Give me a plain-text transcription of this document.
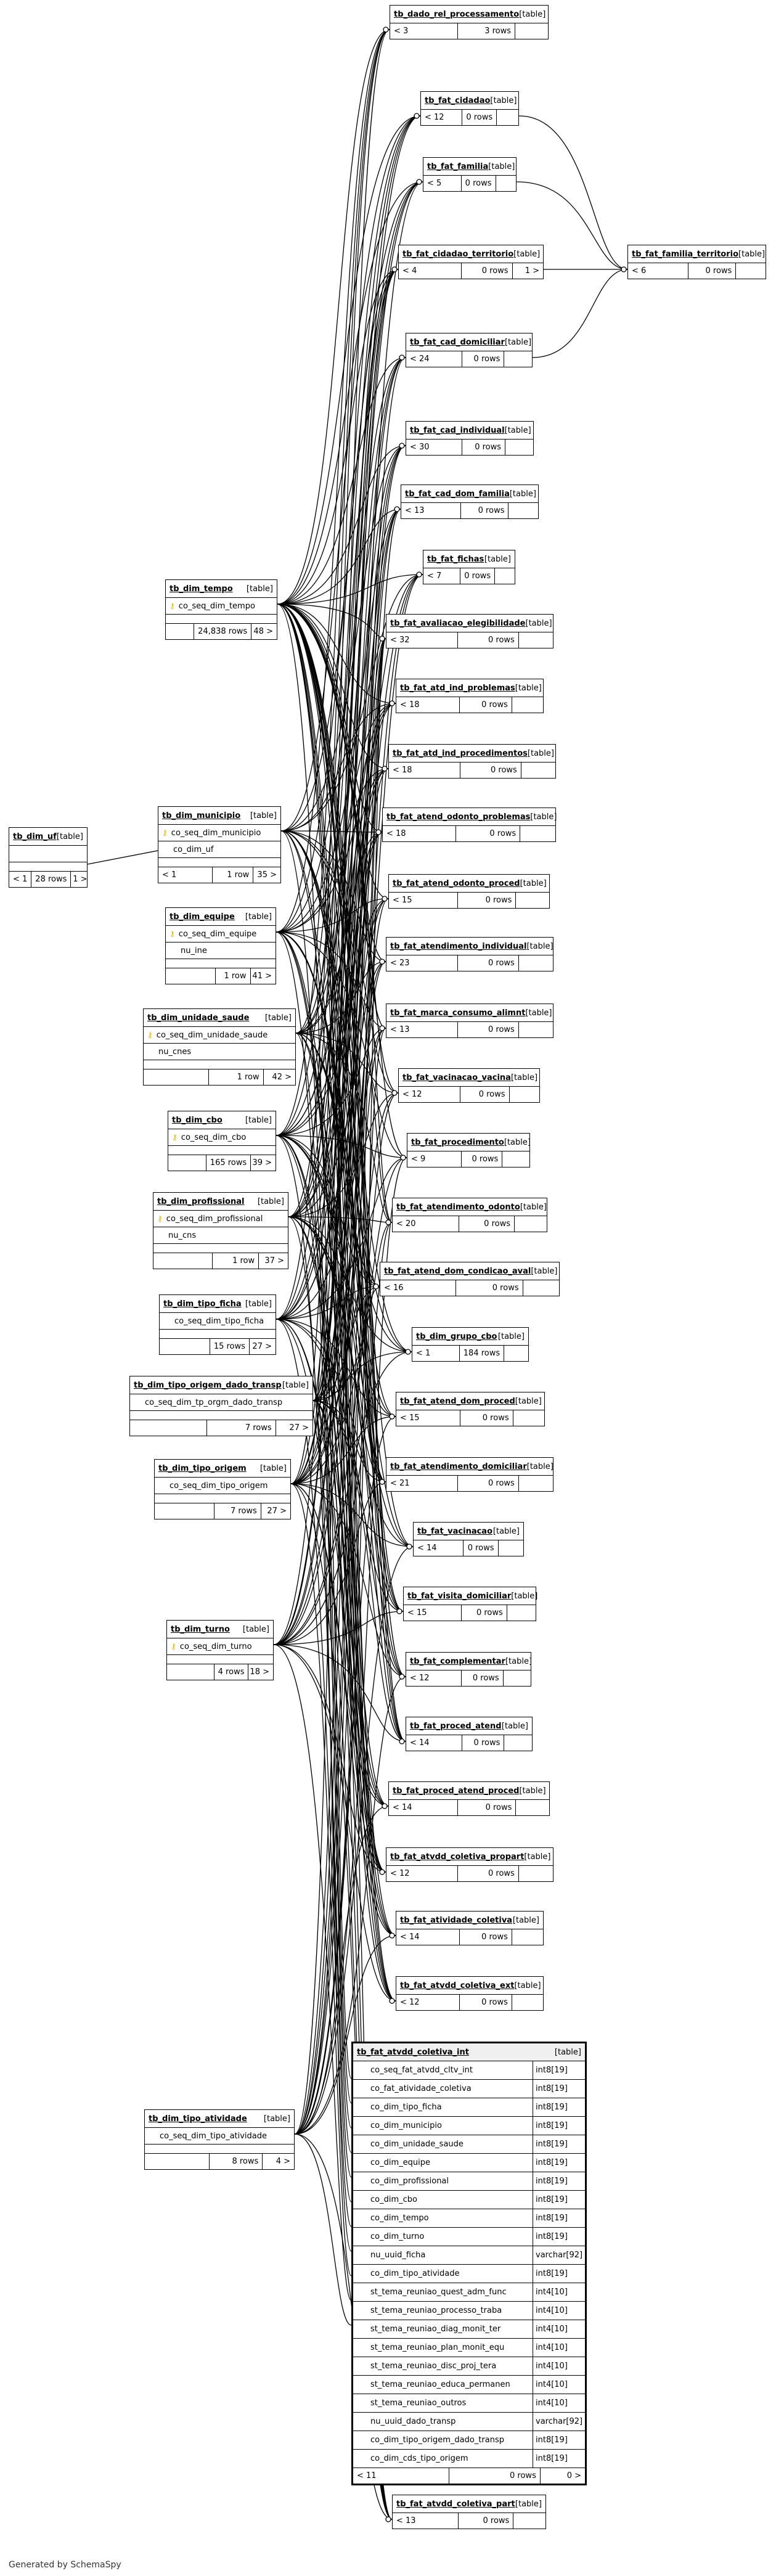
tb_dado_rel_processamento [table]
< 3	3 rows
tb_fat_cidadao [table]
< 12	0 rows
tb_fat_familia [table]
< 5	0 rows
tb_fat_cidadao_territorio [table]
< 4	0 rows	1 >
tb_fat_familia_territorio [table]
< 6	0 rows
tb_fat_cad_domiciliar [table]
< 24	0 rows
tb_fat_cad_individual [table]
< 30	0 rows
tb_fat_cad_dom_familia [table]
< 13	0 rows
tb_fat_fichas [table]
< 7	0 rows
tb_fat_avaliacao_elegibilidade [table]
< 32	0 rows
tb_fat_atd_ind_problemas [table]
< 18	0 rows
tb_fat_atd_ind_procedimentos [table]
< 18	0 rows
tb_fat_atend_odonto_problemas [table]
< 18	0 rows
tb_fat_atend_odonto_proced [table]
< 15	0 rows
tb_fat_atendimento_individual [table]
< 23	0 rows
tb_fat_marca_consumo_alimnt [table]
< 13	0 rows
tb_fat_vacinacao_vacina [table]
< 12	0 rows
tb_fat_procedimento [table]
< 9	0 rows
tb_fat_atendimento_odonto [table]
< 20	0 rows
tb_fat_atend_dom_condicao_aval [table]
< 16	0 rows
tb_dim_grupo_cbo [table]
< 1	184 rows
tb_fat_atend_dom_proced [table]
< 15	0 rows
tb_fat_atendimento_domiciliar [table]
< 21	0 rows
tb_fat_vacinacao [table]
< 14	0 rows
tb_fat_visita_domiciliar [table]
< 15	0 rows
tb_fat_complementar [table]
< 12	0 rows
tb_fat_proced_atend [table]
< 14	0 rows
tb_fat_proced_atend_proced [table]
< 14	0 rows
tb_fat_atvdd_coletiva_propart [table]
< 12	0 rows
tb_fat_atividade_coletiva [table]
< 14	0 rows
tb_fat_atvdd_coletiva_ext [table]
< 12	0 rows
tb_fat_atvdd_coletiva_part [table]
< 13	0 rows
tb_dim_tempo [table]
⚷ co_seq_dim_tempo
24,838 rows 48 >
tb_dim_uf [table]
< 1	28 rows 1 >
tb_dim_municipio [table]
⚷ co_seq_dim_municipio
co_dim_uf
< 1	1 row	35 >
tb_dim_equipe [table]
⚷ co_seq_dim_equipe
nu_ine
1 row 41 >
tb_dim_unidade_saude [table]
⚷ co_seq_dim_unidade_saude
nu_cnes
1 row	42 >
tb_dim_cbo	[table]
⚷ co_seq_dim_cbo
165 rows 39 >
tb_dim_profissional [table]
⚷ co_seq_dim_profissional
nu_cns
1 row	37 >
tb_dim_tipo_ficha [table]
co_seq_dim_tipo_ficha
15 rows 27 >
tb_dim_tipo_origem_dado_transp [table]
co_seq_dim_tp_orgm_dado_transp
7 rows	27 >
tb_dim_tipo_origem [table]
co_seq_dim_tipo_origem
7 rows	27 >
tb_dim_turno [table]
⚷ co_seq_dim_turno
4 rows 18 >
tb_dim_tipo_atividade [table]
co_seq_dim_tipo_atividade
8 rows	4 >
tb_fat_atvdd_coletiva_int	[table]
co_seq_fat_atvdd_cltv_int	int8[19]
co_fat_atividade_coletiva	int8[19]
co_dim_tipo_ficha	int8[19]
co_dim_municipio	int8[19]
co_dim_unidade_saude	int8[19]
co_dim_equipe	int8[19]
co_dim_profissional	int8[19]
co_dim_cbo	int8[19]
co_dim_tempo	int8[19]
co_dim_turno	int8[19]
nu_uuid_ficha	varchar[92]
co_dim_tipo_atividade	int8[19]
st_tema_reuniao_quest_adm_func	int4[10]
st_tema_reuniao_processo_traba	int4[10]
st_tema_reuniao_diag_monit_ter	int4[10]
st_tema_reuniao_plan_monit_equ	int4[10]
st_tema_reuniao_disc_proj_tera	int4[10]
st_tema_reuniao_educa_permanen	int4[10]
st_tema_reuniao_outros	int4[10]
nu_uuid_dado_transp	varchar[92]
co_dim_tipo_origem_dado_transp	int8[19]
co_dim_cds_tipo_origem	int8[19]
< 11	0 rows	0 >
Generated by SchemaSpy
